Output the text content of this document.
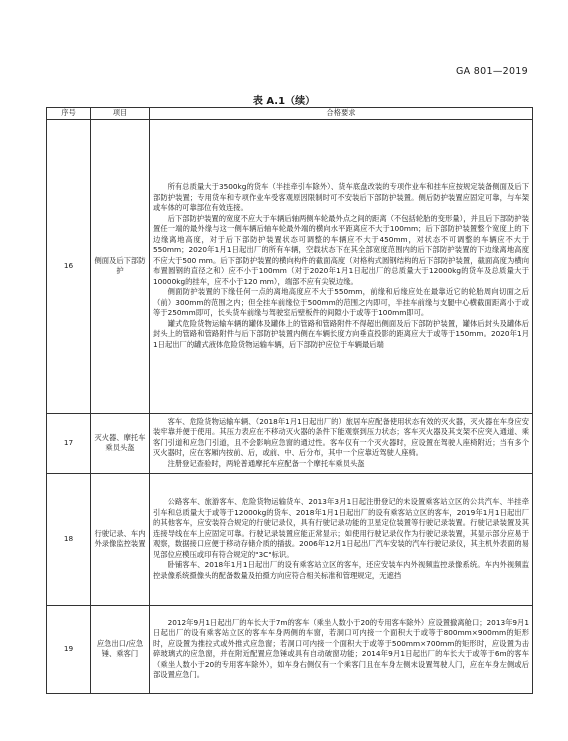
GA 801—2019
表 A.1（续）
序号	项目	合格要求
16	侧面及后下部防护	所有总质量大于3500kg的货车（半挂牵引车除外）、货车底盘改装的专项作业车和挂车应按规定装备侧面及后下部防护装置；专用货车和专项作业车受客观原因限制时可不安装后下部防护装置。侧后防护装置应固定可靠，与车架或车体的可靠部位有效连接。

后下部防护装置的宽度不应大于车辆后轴两侧车轮最外点之间的距离（不包括轮胎的变形量），并且后下部防护装置任一端的最外缘与这一侧车辆后轴车轮最外端的横向水平距离应不大于100mm；后下部防护装置整个宽度上的下边缘离地高度，对于后下部防护装置状态可调整的车辆应不大于450mm，对状态不可调整的车辆应不大于550mm；2020年1月1日起出厂的所有车辆，空载状态下在其全部宽度范围内的后下部防护装置的下边缘离地高度不应大于500 mm。后下部防护装置的横向构件的截面高度（对格构式圆钢结构的后下部防护装置，截面高度为横向布置圆钢的直径之和）应不小于100mm（对于2020年1月1日起出厂的总质量大于12000kg的货车及总质量大于10000kg的挂车，应不小于120 mm），端部不应有尖锐边缘。

侧面防护装置的下缘任何一点的离地高度应不大于550mm，前缘和后缘应处在最靠近它的轮胎周向切面之后（前）300mm的范围之内；但全挂车前缘位于500mm的范围之内即可，半挂车前缘与支腿中心横截面距离小于或等于250mm即可，长头货车前缘与驾驶室后壁板件的间隙小于或等于100mm即可。

罐式危险货物运输车辆的罐体及罐体上的管路和管路附件不得超出侧面及后下部防护装置，罐体后封头及罐体后封头上的管路和管路附件与后下部防护装置内侧在车辆长度方向垂直投影的距离应大于或等于150mm。2020年1月1日起出厂的罐式液体危险货物运输车辆，后下部防护应位于车辆最后端

17	灭火器、摩托车乘员头盔	客车、危险货物运输车辆、（2018年1月1日起出厂的）旅居车应配备使用状态有效的灭火器，灭火器在车身应安装牢靠并便于使用。其压力表应在不移动灭火器的条件下能观察到压力状态；客车灭火器及其支架不应突入通道、乘客门引道和应急门引道，且不会影响应急窗的通过性。客车仅有一个灭火器时，应设置在驾驶人座椅附近；当有多个灭火器时，应在客厢内按前、后，或前、中、后分布，其中一个应靠近驾驶人座椅。

注册登记查验时，两轮普通摩托车应配备一个摩托车乘员头盔

18	行驶记录、车内外录像监控装置	公路客车、旅游客车、危险货物运输货车、2013年3月1日起注册登记的未设置乘客站立区的公共汽车、半挂牵引车和总质量大于或等于12000kg的货车、2018年1月1日起出厂的设有乘客站立区的客车，2019年1月1日起出厂的其他客车，应安装符合规定的行驶记录仪，具有行驶记录功能的卫星定位装置等行驶记录装置。行驶记录装置及其连接导线在车上应固定可靠。行驶记录装置应能正常显示；如使用行驶记录仪作为行驶记录装置，其显示部分应易于观察，数据接口应便于移动存储介质的插拔。2006年12月1日起出厂汽车安装的汽车行驶记录仪，其主机外表面的易见部位应模压或印有符合规定的"3C"标识。

卧铺客车、2018年1月1日起出厂的设有乘客站立区的客车，还应安装车内外视频监控录像系统。车内外视频监控录像系统摄像头的配备数量及拍摄方向应符合相关标准和管理规定，无遮挡

19	应急出口/应急锤、乘客门	2012年9月1日起出厂的车长大于7m的客车（乘坐人数小于20的专用客车除外）应设置撤离舱口；2013年9月1日起出厂的设有乘客站立区的客车车身两侧的车窗，若洞口可内接一个面积大于或等于800mm×900mm的矩形时，应设置为推拉式或外推式应急窗；若洞口可内接一个面积大于或等于500mm×700mm的矩形时，应设置为击碎玻璃式的应急窗，并在附近配置应急锤或具有自动破窗功能；2014年9月1日起出厂的车长大于或等于6m的客车（乘坐人数小于20的专用客车除外），如车身右侧仅有一个乘客门且在车身左侧未设置驾驶人门，应在车身左侧或后部设置应急门。
